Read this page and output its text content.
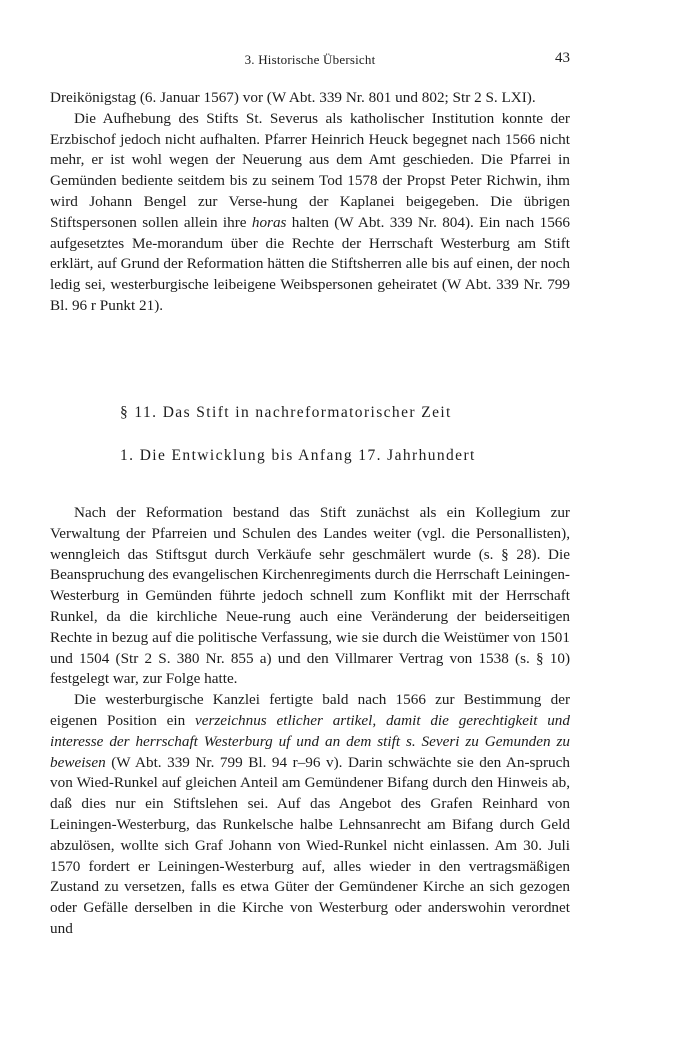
3. Historische Übersicht	43

Dreikönigstag (6. Januar 1567) vor (W Abt. 339 Nr. 801 und 802; Str 2 S. LXI).

Die Aufhebung des Stifts St. Severus als katholischer Institution konnte der Erzbischof jedoch nicht aufhalten. Pfarrer Heinrich Heuck begegnet nach 1566 nicht mehr, er ist wohl wegen der Neuerung aus dem Amt geschieden. Die Pfarrei in Gemünden bediente seitdem bis zu seinem Tod 1578 der Propst Peter Richwin, ihm wird Johann Bengel zur Verse-hung der Kaplanei beigegeben. Die übrigen Stiftspersonen sollen allein ihre horas halten (W Abt. 339 Nr. 804). Ein nach 1566 aufgesetztes Me-morandum über die Rechte der Herrschaft Westerburg am Stift erklärt, auf Grund der Reformation hätten die Stiftsherren alle bis auf einen, der noch ledig sei, westerburgische leibeigene Weibspersonen geheiratet (W Abt. 339 Nr. 799 Bl. 96 r Punkt 21).

§ 11. Das Stift in nachreformatorischer Zeit
1. Die Entwicklung bis Anfang 17. Jahrhundert

Nach der Reformation bestand das Stift zunächst als ein Kollegium zur Verwaltung der Pfarreien und Schulen des Landes weiter (vgl. die Personallisten), wenngleich das Stiftsgut durch Verkäufe sehr geschmälert wurde (s. § 28). Die Beanspruchung des evangelischen Kirchenregiments durch die Herrschaft Leiningen-Westerburg in Gemünden führte jedoch schnell zum Konflikt mit der Herrschaft Runkel, da die kirchliche Neue-rung auch eine Veränderung der beiderseitigen Rechte in bezug auf die politische Verfassung, wie sie durch die Weistümer von 1501 und 1504 (Str 2 S. 380 Nr. 855 a) und den Villmarer Vertrag von 1538 (s. § 10) festgelegt war, zur Folge hatte.

Die westerburgische Kanzlei fertigte bald nach 1566 zur Bestimmung der eigenen Position ein verzeichnus etlicher artikel, damit die gerechtigkeit und interesse der herrschaft Westerburg uf und an dem stift s. Severi zu Gemunden zu beweisen (W Abt. 339 Nr. 799 Bl. 94 r–96 v). Darin schwächte sie den An-spruch von Wied-Runkel auf gleichen Anteil am Gemündener Bifang durch den Hinweis ab, daß dies nur ein Stiftslehen sei. Auf das Angebot des Grafen Reinhard von Leiningen-Westerburg, das Runkelsche halbe Lehnsanrecht am Bifang durch Geld abzulösen, wollte sich Graf Johann von Wied-Runkel nicht einlassen. Am 30. Juli 1570 fordert er Leiningen-Westerburg auf, alles wieder in den vertragsmäßigen Zustand zu versetzen, falls es etwa Güter der Gemündener Kirche an sich gezogen oder Gefälle derselben in die Kirche von Westerburg oder anderswohin verordnet und
